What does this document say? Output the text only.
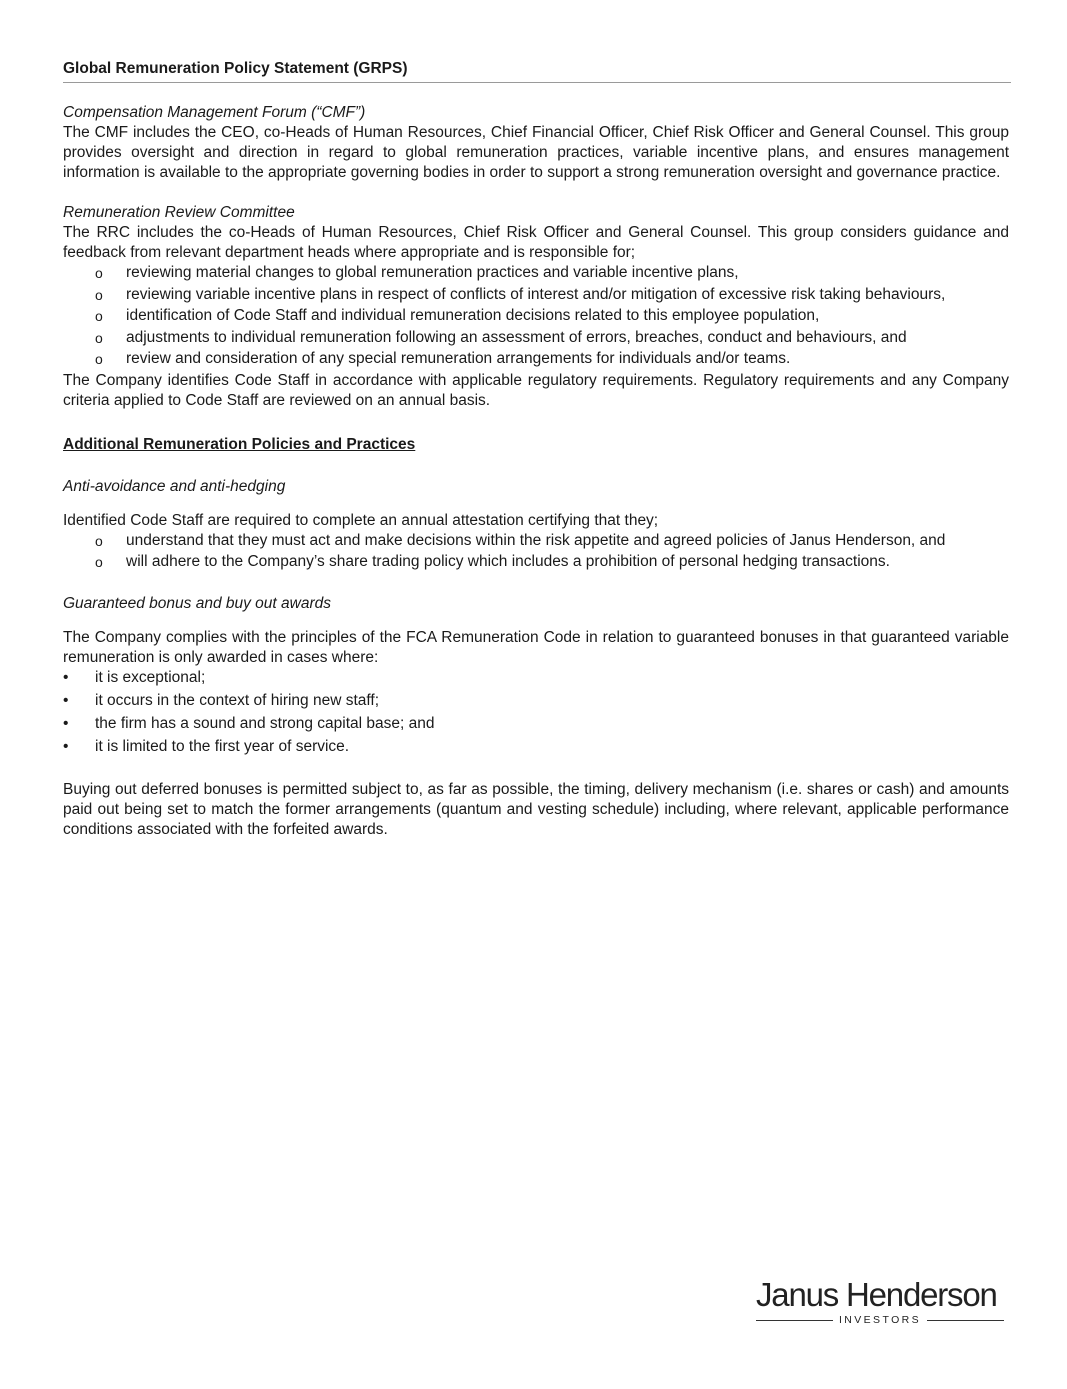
Global Remuneration Policy Statement (GRPS)

Compensation Management Forum (“CMF”)

The CMF includes the CEO, co-Heads of Human Resources, Chief Financial Officer, Chief Risk Officer and General Counsel. This group provides oversight and direction in regard to global remuneration practices, variable incentive plans, and ensures management information is available to the appropriate governing bodies in order to support a strong remuneration oversight and governance practice.

Remuneration Review Committee

The RRC includes the co-Heads of Human Resources, Chief Risk Officer and General Counsel. This group considers guidance and feedback from relevant department heads where appropriate and is responsible for;

o reviewing material changes to global remuneration practices and variable incentive plans,
o reviewing variable incentive plans in respect of conflicts of interest and/or mitigation of excessive risk taking behaviours,
o identification of Code Staff and individual remuneration decisions related to this employee population,
o adjustments to individual remuneration following an assessment of errors, breaches, conduct and behaviours, and
o review and consideration of any special remuneration arrangements for individuals and/or teams.

The Company identifies Code Staff in accordance with applicable regulatory requirements. Regulatory requirements and any Company criteria applied to Code Staff are reviewed on an annual basis.

Additional Remuneration Policies and Practices

Anti-avoidance and anti-hedging

Identified Code Staff are required to complete an annual attestation certifying that they;

o understand that they must act and make decisions within the risk appetite and agreed policies of Janus Henderson, and
o will adhere to the Company’s share trading policy which includes a prohibition of personal hedging transactions.

Guaranteed bonus and buy out awards

The Company complies with the principles of the FCA Remuneration Code in relation to guaranteed bonuses in that guaranteed variable remuneration is only awarded in cases where:

• it is exceptional;
• it occurs in the context of hiring new staff;
• the firm has a sound and strong capital base; and
• it is limited to the first year of service.

Buying out deferred bonuses is permitted subject to, as far as possible, the timing, delivery mechanism (i.e. shares or cash) and amounts paid out being set to match the former arrangements (quantum and vesting schedule) including, where relevant, applicable performance conditions associated with the forfeited awards.

Janus Henderson
INVESTORS
